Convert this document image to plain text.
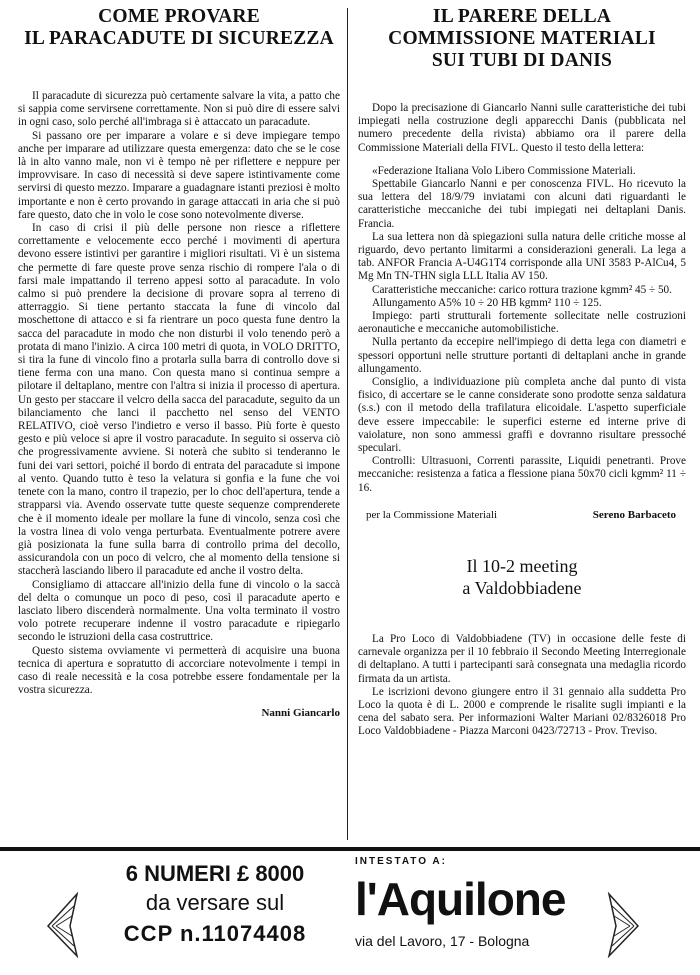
COME PROVARE
IL PARACADUTE DI SICUREZZA

Il paracadute di sicurezza può certamente salvare la vita, a patto che si sappia come servirsene correttamente. Non si può dire di essere salvi in ogni caso, solo perché all'imbraga si è attaccato un paracadute.

Si passano ore per imparare a volare e si deve impiegare tempo anche per imparare ad utilizzare questa emergenza: dato che se le cose là in alto vanno male, non vi è tempo nè per riflettere e neppure per improvvisare. In caso di necessità si deve sapere istintivamente come servirsi di questo mezzo. Imparare a guadagnare istanti preziosi è molto importante e non è certo provando in garage attaccati in aria che si può fare questo, dato che in volo le cose sono notevolmente diverse.

In caso di crisi il più delle persone non riesce a riflettere correttamente e velocemente ecco perché i movimenti di apertura devono essere istintivi per garantire i migliori risultati. Vi è un sistema che permette di fare queste prove senza rischio di rompere l'ala o di farsi male impattando il terreno appesi sotto al paracadute. In volo calmo si può prendere la decisione di provare sopra al terreno di atterraggio. Si tiene pertanto staccata la fune di vincolo dal moschettone di attacco e si fa rientrare un poco questa fune dentro la sacca del paracadute in modo che non disturbi il volo tenendo però a protata di mano l'inizio. A circa 100 metri di quota, in VOLO DRITTO, si tira la fune di vincolo fino a protarla sulla barra di controllo dove si tiene ferma con una mano. Con questa mano si continua sempre a pilotare il deltaplano, mentre con l'altra si inizia il processo di apertura. Un gesto per staccare il velcro della sacca del paracadute, seguito da un bilanciamento che lanci il pacchetto nel senso del VENTO RELATIVO, cioè verso l'indietro e verso il basso. Più forte è questo gesto e più veloce si apre il vostro paracadute. In seguito si osserva ciò che progressivamente avviene. Si noterà che subito si tenderanno le funi dei vari settori, poiché il bordo di entrata del paracadute si impone al vento. Quando tutto è teso la velatura si gonfia e la fune che voi tenete con la mano, contro il trapezio, per lo choc dell'apertura, tende a strapparsi via. Avendo osservate tutte queste sequenze comprenderete che è il momento ideale per mollare la fune di vincolo, senza così che la vostra linea di volo venga perturbata. Eventualmente potrere avere già posizionata la fune sulla barra di controllo prima del decollo, assicurandola con un poco di velcro, che al momento della tensione si staccherà lasciando libero il paracadute ed anche il vostro delta.

Consigliamo di attaccare all'inizio della fune di vincolo o la saccà del delta o comunque un poco di peso, così il paracadute aperto e lasciato libero discenderà normalmente. Una volta terminato il vostro volo potrete recuperare indenne il vostro paracadute e ripiegarlo secondo le istruzioni della casa costruttrice.

Questo sistema ovviamente vi permetterà di acquisire una buona tecnica di apertura e sopratutto di accorciare notevolmente i tempi in caso di reale necessità e la cosa potrebbe essere fondamentale per la vostra sicurezza.

Nanni Giancarlo
IL PARERE DELLA
COMMISSIONE MATERIALI
SUI TUBI DI DANIS

Dopo la precisazione di Giancarlo Nanni sulle caratteristiche dei tubi impiegati nella costruzione degli apparecchi Danis (pubblicata nel numero precedente della rivista) abbiamo ora il parere della Commissione Materiali della FIVL. Questo il testo della lettera:

«Federazione Italiana Volo Libero Commissione Materiali.

Spettabile Giancarlo Nanni e per conoscenza FIVL. Ho ricevuto la sua lettera del 18/9/79 inviatami con alcuni dati riguardanti le caratteristiche meccaniche dei tubi impiegati nei deltaplani Danis. Francia.

La sua lettera non dà spiegazioni sulla natura delle critiche mosse al riguardo, devo pertanto limitarmi a considerazioni generali. La lega a tab. ANFOR Francia A-U4G1T4 corrisponde alla UNI 3583 P-AlCu4, 5 Mg Mn TN-THN sigla LLL Italia AV 150.

Caratteristiche meccaniche: carico rottura trazione kgmm² 45 ÷ 50.

Allungamento A5% 10 ÷ 20 HB kgmm² 110 ÷ 125.

Impiego: parti strutturali fortemente sollecitate nelle costruzioni aeronautiche e meccaniche automobilistiche.

Nulla pertanto da eccepire nell'impiego di detta lega con diametri e spessori opportuni nelle strutture portanti di deltaplani anche in grande allungamento.

Consiglio, a individuazione più completa anche dal punto di vista fisico, di accertare se le canne considerate sono prodotte senza saldatura (s.s.) con il metodo della trafilatura elicoidale. L'aspetto superficiale deve essere impeccabile: le superfici esterne ed interne prive di vaiolature, non sono ammessi graffi e dovranno risultare pressoché speculari.

Controlli: Ultrasuoni, Correnti parassite, Liquidi penetranti. Prove meccaniche: resistenza a fatica a flessione piana 50x70 cicli kgmm² 11 ÷ 16.

per la Commissione Materiali	Sereno Barbaceto

Il 10-2 meeting
a Valdobbiadene

La Pro Loco di Valdobbiadene (TV) in occasione delle feste di carnevale organizza per il 10 febbraio il Secondo Meeting Interregionale di deltaplano. A tutti i partecipanti sarà consegnata una medaglia ricordo firmata da un artista.

Le iscrizioni devono giungere entro il 31 gennaio alla suddetta Pro Loco la quota è di L. 2000 e comprende le risalite sugli impianti e la cena del sabato sera. Per informazioni Walter Mariani 02/8326018 Pro Loco Valdobbiadene - Piazza Marconi 0423/72713 - Prov. Treviso.

6 NUMERI £ 8000
da versare sul
CCP n.11074408
INTESTATO A:
l'Aquilone
via del Lavoro, 17 - Bologna
